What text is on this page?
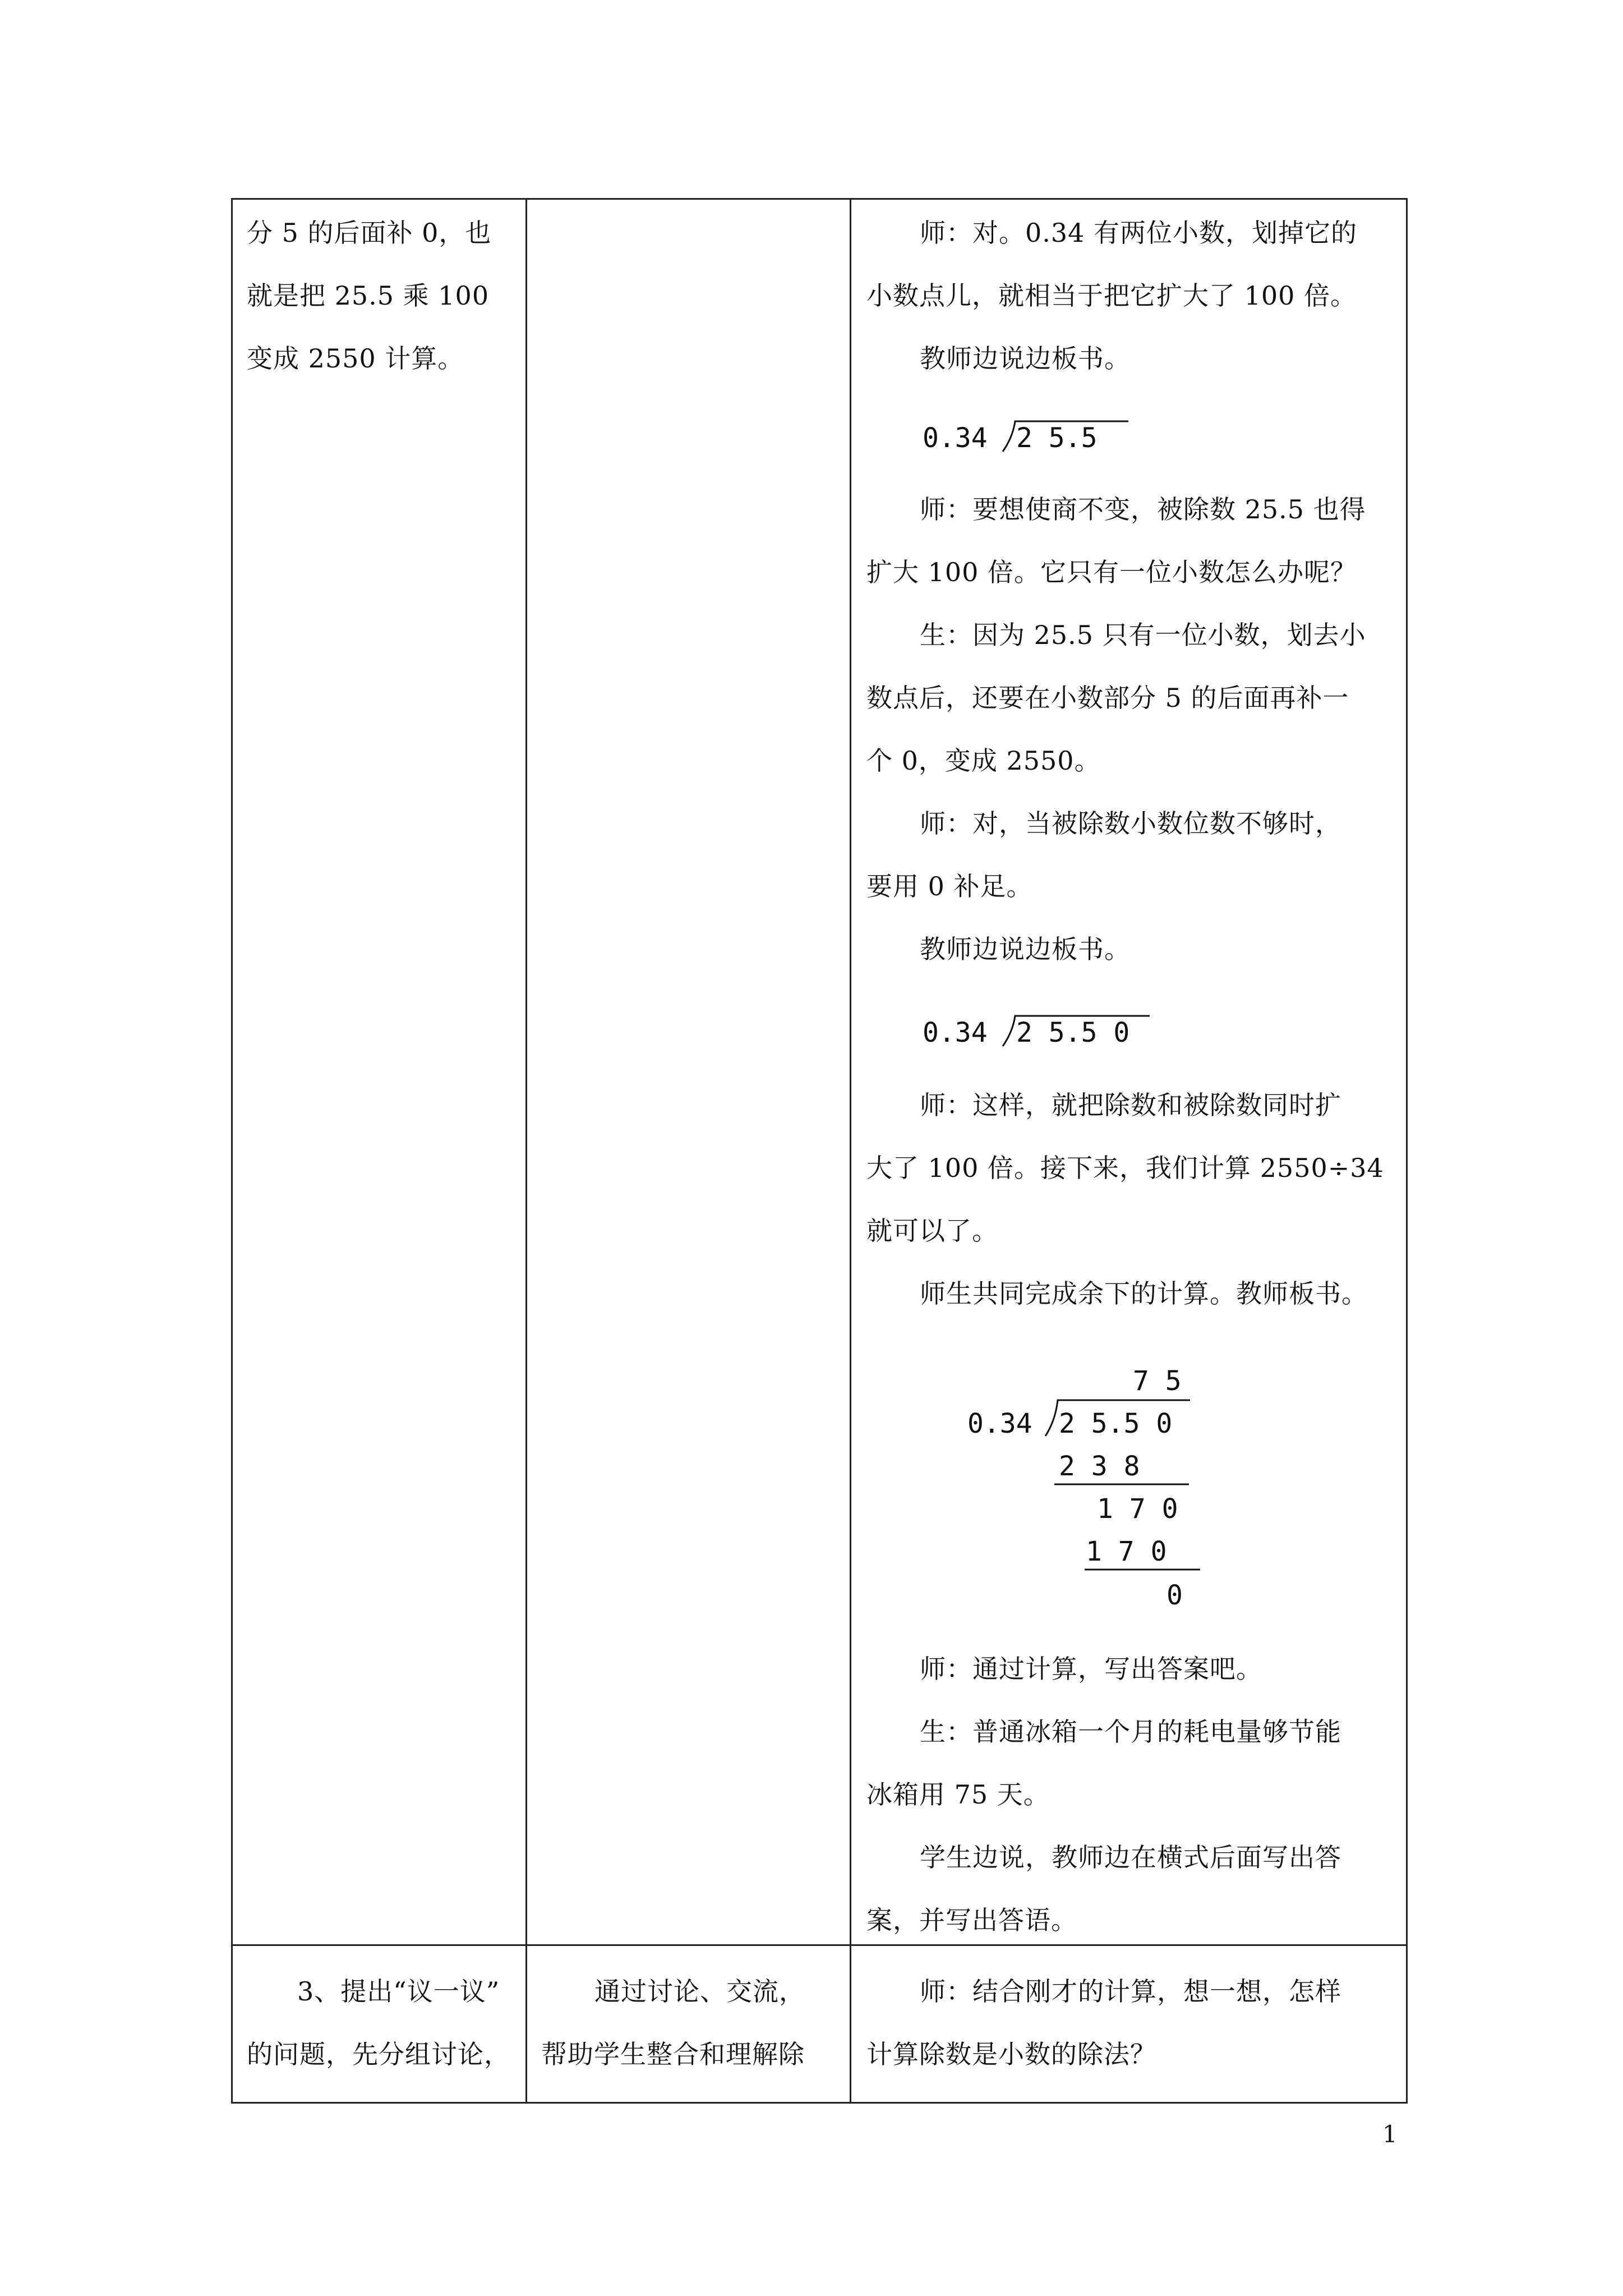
分 5 的后面补 0，也
就是把 25.5 乘 100
变成 2550 计算。
师：对。0.34 有两位小数，划掉它的
小数点儿，就相当于把它扩大了 100 倍。
教师边说边板书。
0.34 2 5.5
师：要想使商不变，被除数 25.5 也得
扩大 100 倍。它只有一位小数怎么办呢？
生：因为 25.5 只有一位小数，划去小
数点后，还要在小数部分 5 的后面再补一
个 0，变成 2550。
师：对，当被除数小数位数不够时，
要用 0 补足。
教师边说边板书。
0.34 2 5.5 0
师：这样，就把除数和被除数同时扩
大了 100 倍。接下来，我们计算 2550÷34
就可以了。
师生共同完成余下的计算。教师板书。
7 5
0.34 2 5.5 0
2 3 8
1 7 0
1 7 0
0
师：通过计算，写出答案吧。
生：普通冰箱一个月的耗电量够节能
冰箱用 75 天。
学生边说，教师边在横式后面写出答
案，并写出答语。
3、提出“议一议”
的问题，先分组讨论，
通过讨论、交流，
帮助学生整合和理解除
师：结合刚才的计算，想一想，怎样
计算除数是小数的除法？
1
